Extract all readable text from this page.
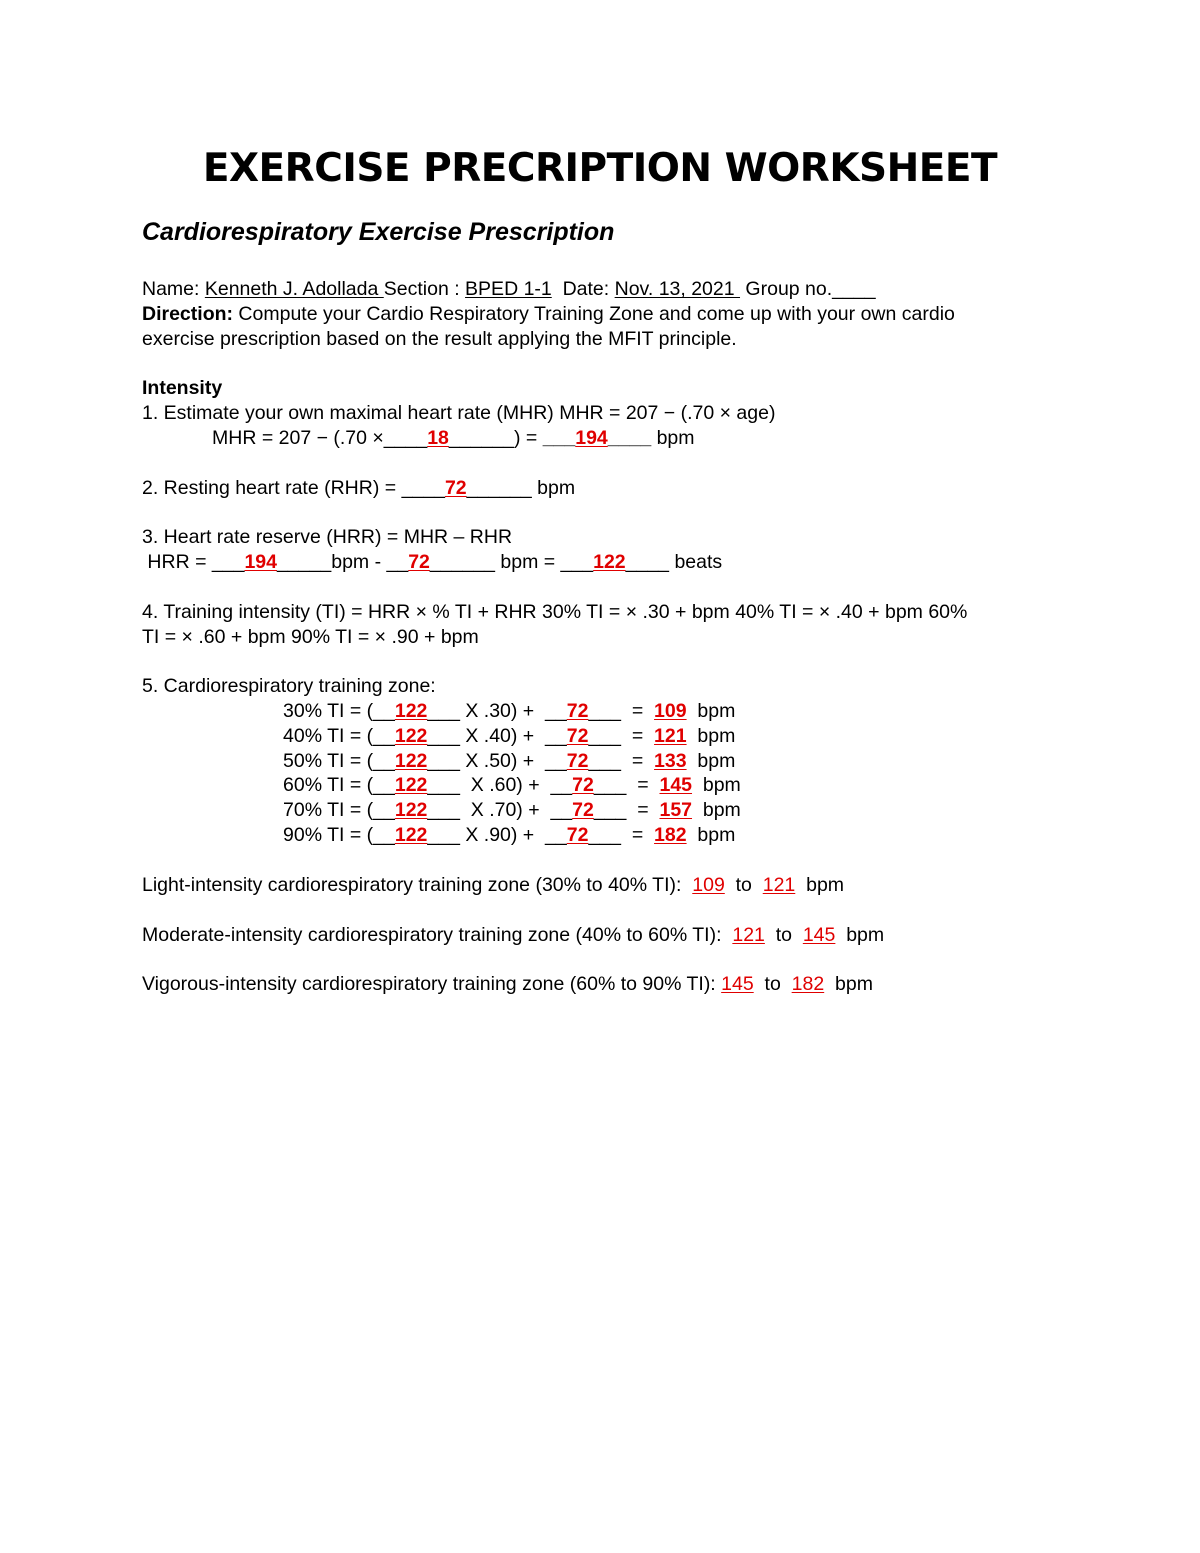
EXERCISE PRECRIPTION WORKSHEET
Cardiorespiratory Exercise Prescription
Name: Kenneth J. Adollada Section : BPED 1-1  Date: Nov. 13, 2021  Group no.____
Direction: Compute your Cardio Respiratory Training Zone and come up with your own cardio
exercise prescription based on the result applying the MFIT principle.
Intensity
1. Estimate your own maximal heart rate (MHR) MHR = 207 − (.70 × age)
MHR = 207 − (.70 ×____18______) = ___194____ bpm
2. Resting heart rate (RHR) = ____72______ bpm
3. Heart rate reserve (HRR) = MHR – RHR
HRR = ___194_____bpm - __72______ bpm = ___122____ beats
4. Training intensity (TI) = HRR × % TI + RHR 30% TI = × .30 + bpm 40% TI = × .40 + bpm 60%
TI = × .60 + bpm 90% TI = × .90 + bpm
5. Cardiorespiratory training zone:
30% TI = (__122___ X .30) +  __72___  =  109  bpm
40% TI = (__122___ X .40) +  __72___  =  121  bpm
50% TI = (__122___ X .50) +  __72___  =  133  bpm
60% TI = (__122___  X .60) +  __72___  =  145  bpm
70% TI = (__122___  X .70) +  __72___  =  157  bpm
90% TI = (__122___ X .90) +  __72___  =  182  bpm
Light-intensity cardiorespiratory training zone (30% to 40% TI):  109  to  121  bpm
Moderate-intensity cardiorespiratory training zone (40% to 60% TI):  121  to  145  bpm
Vigorous-intensity cardiorespiratory training zone (60% to 90% TI): 145  to  182  bpm
